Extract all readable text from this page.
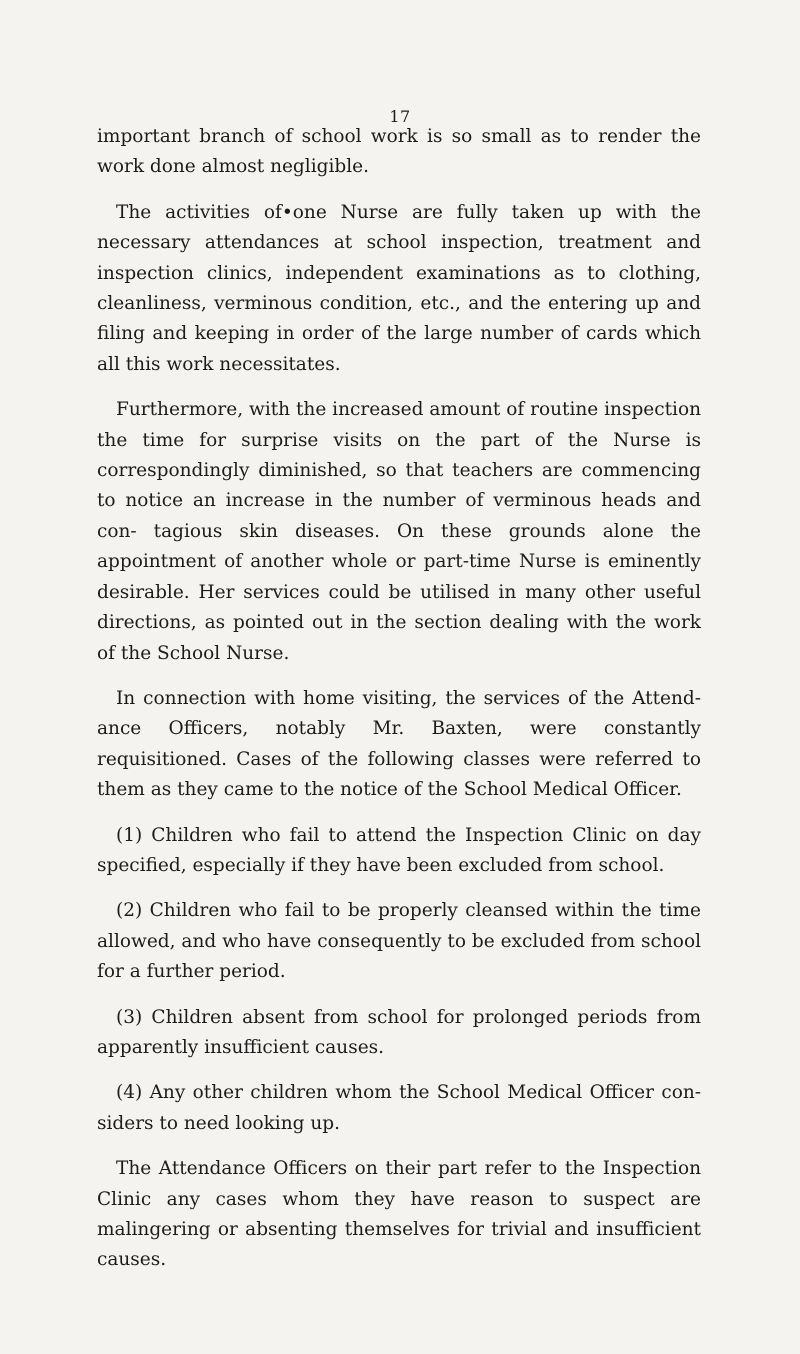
17

important branch of school work is so small as to render the work done almost negligible.

The activities of•one Nurse are fully taken up with the necessary attendances at school inspection, treatment and inspection clinics, independent examinations as to clothing, cleanliness, verminous condition, etc., and the entering up and filing and keeping in order of the large number of cards which all this work necessitates.

Furthermore, with the increased amount of routine inspection the time for surprise visits on the part of the Nurse is correspondingly diminished, so that teachers are commencing to notice an increase in the number of verminous heads and con- tagious skin diseases. On these grounds alone the appointment of another whole or part-time Nurse is eminently desirable. Her services could be utilised in many other useful directions, as pointed out in the section dealing with the work of the School Nurse.

In connection with home visiting, the services of the Attend- ance Officers, notably Mr. Baxten, were constantly requisitioned. Cases of the following classes were referred to them as they came to the notice of the School Medical Officer.

(1) Children who fail to attend the Inspection Clinic on day specified, especially if they have been excluded from school.

(2) Children who fail to be properly cleansed within the time allowed, and who have consequently to be excluded from school for a further period.

(3) Children absent from school for prolonged periods from apparently insufficient causes.

(4) Any other children whom the School Medical Officer con- siders to need looking up.

The Attendance Officers on their part refer to the Inspection Clinic any cases whom they have reason to suspect are malingering or absenting themselves for trivial and insufficient causes.
